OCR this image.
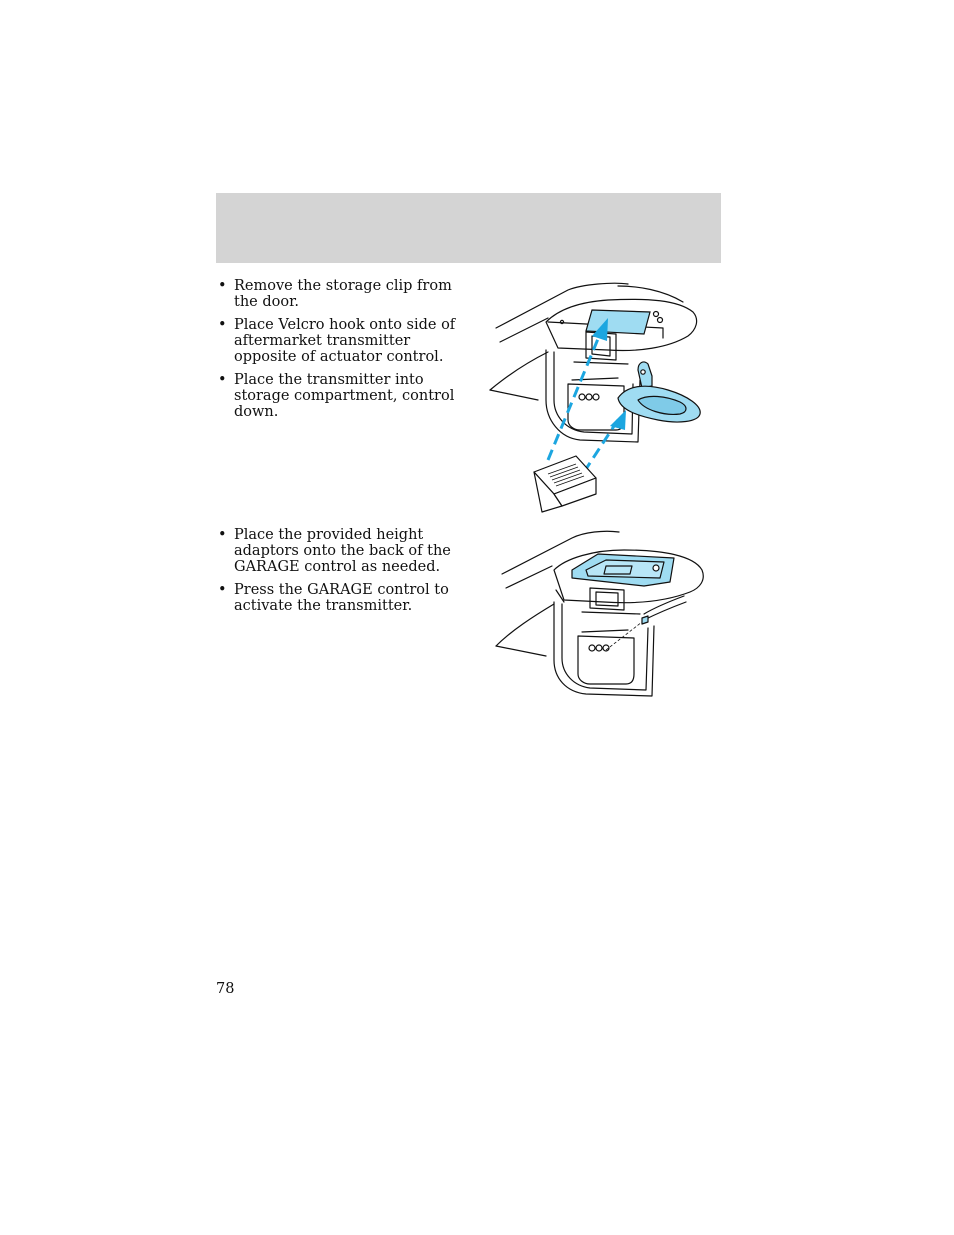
• Remove the storage clip from the door.
• Place Velcro hook onto side of aftermarket transmitter opposite of actuator control.
• Place the transmitter into storage compartment, control down.
• Place the provided height adaptors onto the back of the GARAGE control as needed.
• Press the GARAGE control to activate the transmitter.
78
